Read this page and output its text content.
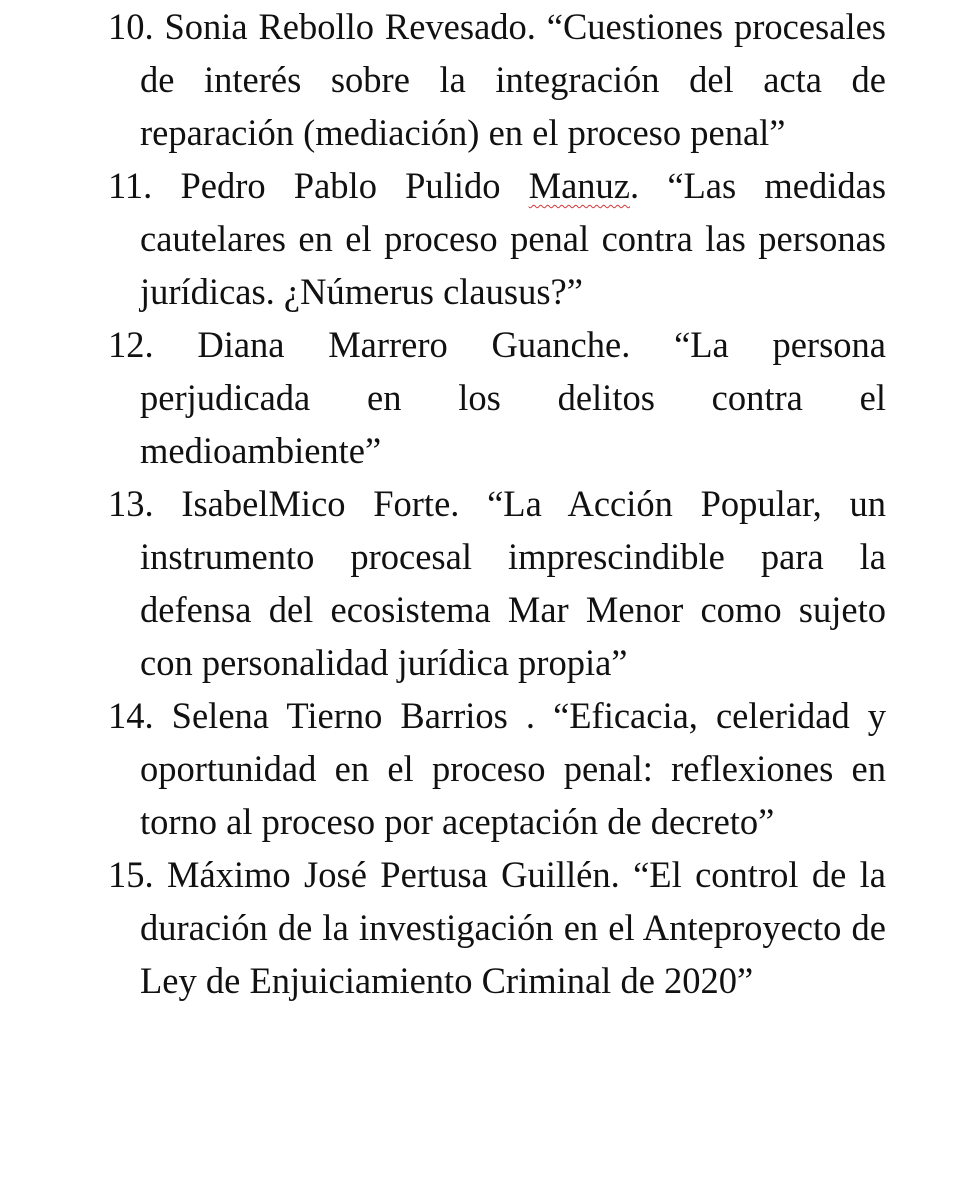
10. Sonia Rebollo Revesado. “Cuestiones procesales de interés sobre la integración del acta de reparación (mediación) en el proceso penal”

11. Pedro Pablo Pulido Manuz. “Las medidas cautelares en el proceso penal contra las personas jurídicas. ¿Númerus clausus?”

12. Diana Marrero Guanche. “La persona perjudicada en los delitos contra el medioambiente”

13. IsabelMico Forte. “La Acción Popular, un instrumento procesal imprescindible para la defensa del ecosistema Mar Menor como sujeto con personalidad jurídica propia”

14. Selena Tierno Barrios . “Eficacia, celeridad y oportunidad en el proceso penal: reflexiones en torno al proceso por aceptación de decreto”

15. Máximo José Pertusa Guillén. “El control de la duración de la investigación en el Anteproyecto de Ley de Enjuiciamiento Criminal de 2020”
